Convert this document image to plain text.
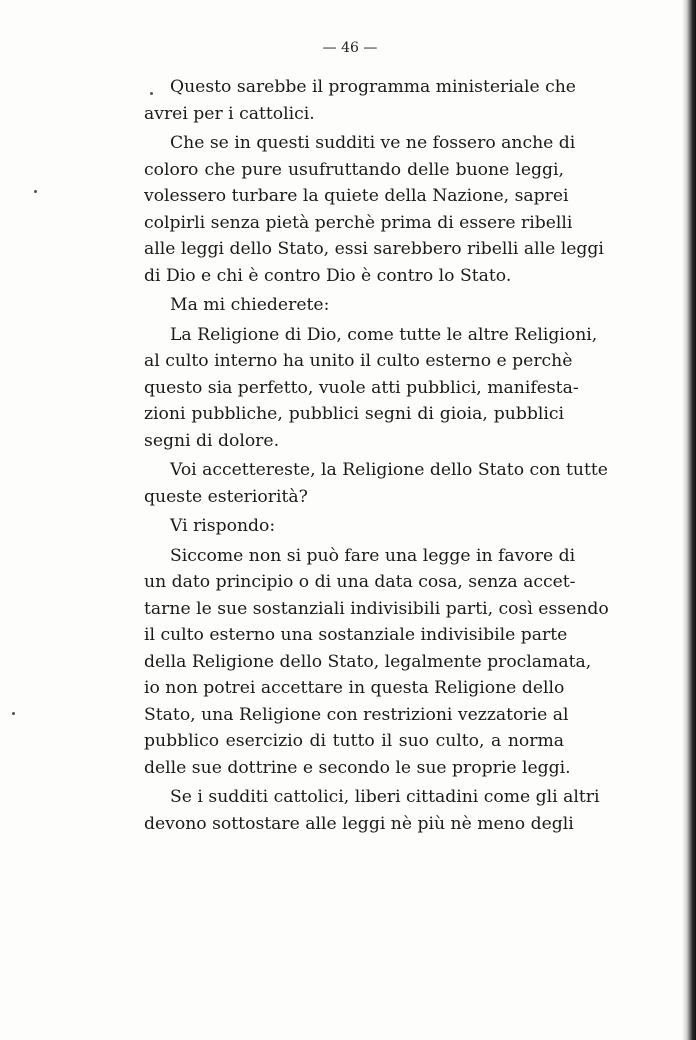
— 46 —
Questo sarebbe il programma ministeriale che
avrei per i cattolici.
Che se in questi sudditi ve ne fossero anche di
coloro che pure usufruttando delle buone leggi,
volessero turbare la quiete della Nazione, saprei
colpirli senza pietà perchè prima di essere ribelli
alle leggi dello Stato, essi sarebbero ribelli alle leggi
di Dio e chi è contro Dio è contro lo Stato.
Ma mi chiederete:
La Religione di Dio, come tutte le altre Religioni,
al culto interno ha unito il culto esterno e perchè
questo sia perfetto, vuole atti pubblici, manifesta-
zioni pubbliche, pubblici segni di gioia, pubblici
segni di dolore.
Voi accettereste, la Religione dello Stato con tutte
queste esteriorità?
Vi rispondo:
Siccome non si può fare una legge in favore di
un dato principio o di una data cosa, senza accet-
tarne le sue sostanziali indivisibili parti, così essendo
il culto esterno una sostanziale indivisibile parte
della Religione dello Stato, legalmente proclamata,
io non potrei accettare in questa Religione dello
Stato, una Religione con restrizioni vezzatorie al
pubblico esercizio di tutto il suo culto, a norma
delle sue dottrine e secondo le sue proprie leggi.
Se i sudditi cattolici, liberi cittadini come gli altri
devono sottostare alle leggi nè più nè meno degli
